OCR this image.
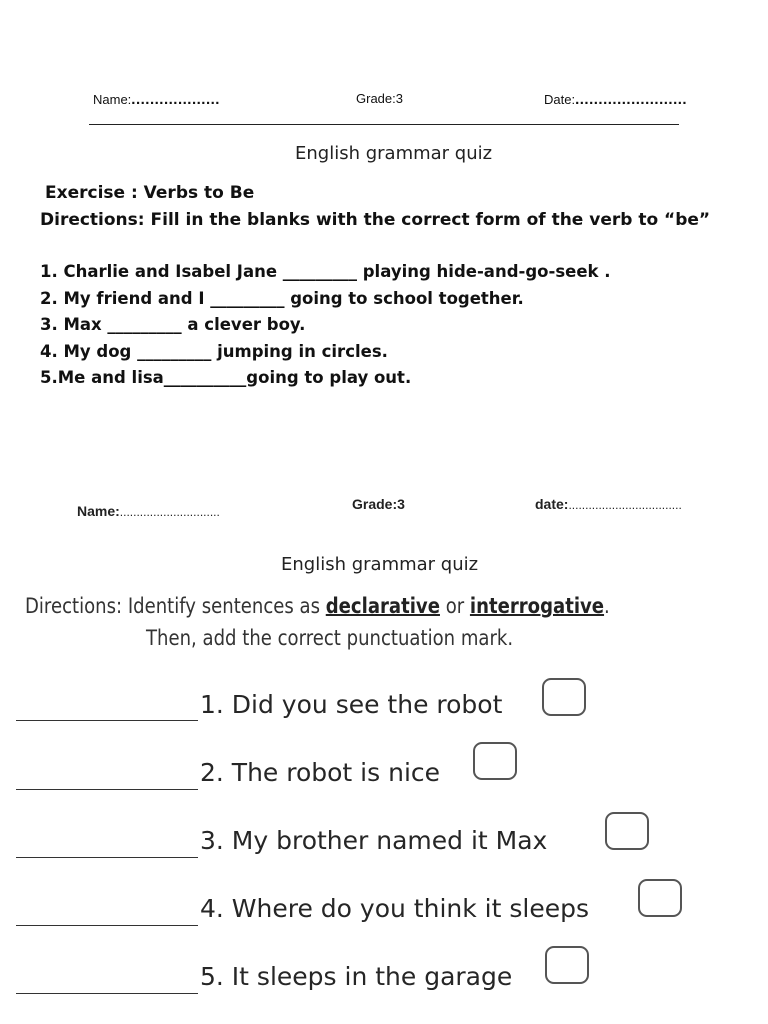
Name:...................	Grade:3	Date:........................
English grammar quiz
Exercise : Verbs to Be
Directions: Fill in the blanks with the correct form of the verb to “be”
1. Charlie and Isabel Jane _________ playing hide-and-go-seek .
2. My friend and I _________ going to school together.
3. Max _________ a clever boy.
4. My dog _________ jumping in circles.
5.Me and lisa__________going to play out.
Name:..............................	Grade:3	date:..................................
English grammar quiz
Directions: Identify sentences as declarative or interrogative.
Then, add the correct punctuation mark.
1. Did you see the robot
2. The robot is nice
3. My brother named it Max
4. Where do you think it sleeps
5. It sleeps in the garage
